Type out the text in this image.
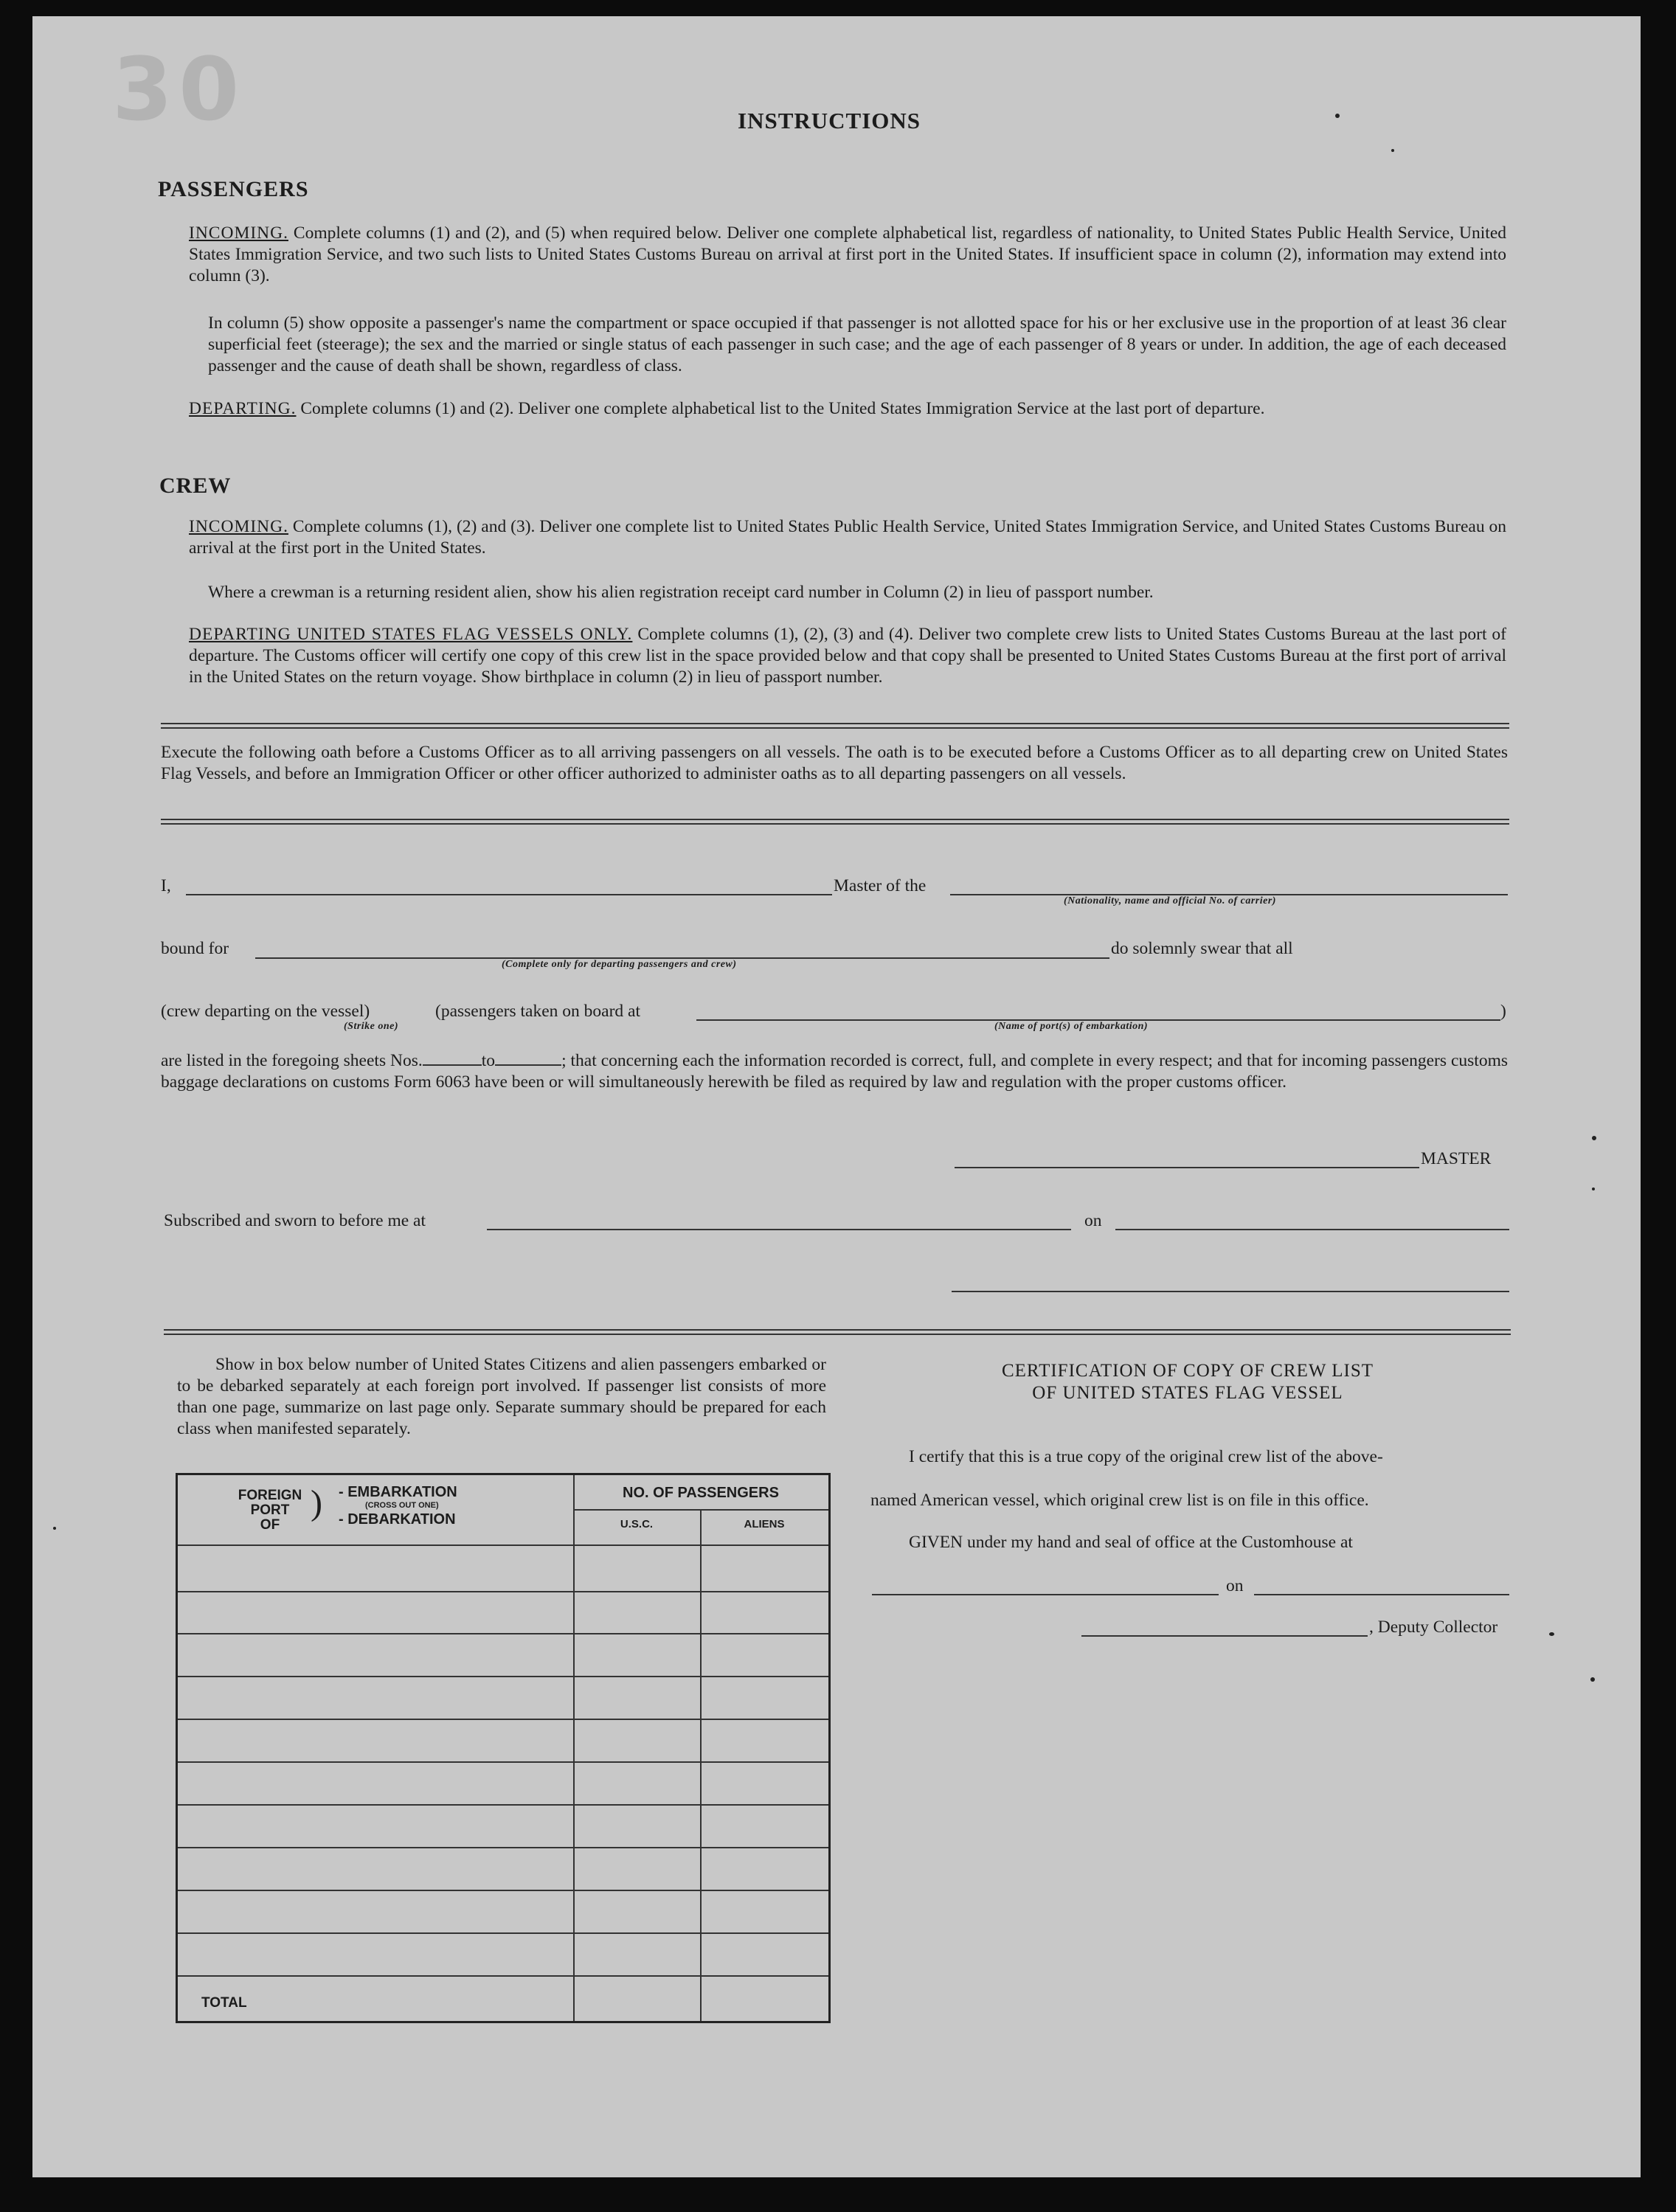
30	INSTRUCTIONS
PASSENGERS
INCOMING. Complete columns (1) and (2), and (5) when required below. Deliver one complete alphabetical list, regardless of nationality, to United States Public Health Service, United States Immigration Service, and two such lists to United States Customs Bureau on arrival at first port in the United States. If insufficient space in column (2), information may extend into column (3).
In column (5) show opposite a passenger's name the compartment or space occupied if that passenger is not allotted space for his or her exclusive use in the proportion of at least 36 clear superficial feet (steerage); the sex and the married or single status of each passenger in such case; and the age of each passenger of 8 years or under. In addition, the age of each deceased passenger and the cause of death shall be shown, regardless of class.
DEPARTING. Complete columns (1) and (2). Deliver one complete alphabetical list to the United States Immigration Service at the last port of departure.
CREW
INCOMING. Complete columns (1), (2) and (3). Deliver one complete list to United States Public Health Service, United States Immigration Service, and United States Customs Bureau on arrival at the first port in the United States.
Where a crewman is a returning resident alien, show his alien registration receipt card number in Column (2) in lieu of passport number.
DEPARTING UNITED STATES FLAG VESSELS ONLY. Complete columns (1), (2), (3) and (4). Deliver two complete crew lists to United States Customs Bureau at the last port of departure. The Customs officer will certify one copy of this crew list in the space provided below and that copy shall be presented to United States Customs Bureau at the first port of arrival in the United States on the return voyage. Show birthplace in column (2) in lieu of passport number.
Execute the following oath before a Customs Officer as to all arriving passengers on all vessels. The oath is to be executed before a Customs Officer as to all departing crew on United States Flag Vessels, and before an Immigration Officer or other officer authorized to administer oaths as to all departing passengers on all vessels.
I,	Master of the
(Nationality, name and official No. of carrier)
bound for
(Complete only for departing passengers and crew)
do solemnly swear that all
(crew departing on the vessel)	(passengers taken on board at	)
(Strike one)	(Name of port(s) of embarkation)
are listed in the foregoing sheets Nos.	to	; that concerning each the information recorded is correct, full, and complete in every respect; and that for incoming passengers customs baggage declarations on customs Form 6063 have been or will simultaneously herewith be filed as required by law and regulation with the proper customs officer.
MASTER
Subscribed and sworn to before me at	on
Show in box below number of United States Citizens and alien passengers embarked or to be debarked separately at each foreign port involved. If passenger list consists of more than one page, summarize on last page only. Separate summary should be prepared for each class when manifested separately.
FOREIGN
PORT
OF
) - EMBARKATION
(CROSS OUT ONE)
- DEBARKATION
NO. OF PASSENGERS
U.S.C.	ALIENS
TOTAL
CERTIFICATION OF COPY OF CREW LIST
OF UNITED STATES FLAG VESSEL
I certify that this is a true copy of the original crew list of the above-
named American vessel, which original crew list is on file in this office.
GIVEN under my hand and seal of office at the Customhouse at
on
, Deputy Collector
